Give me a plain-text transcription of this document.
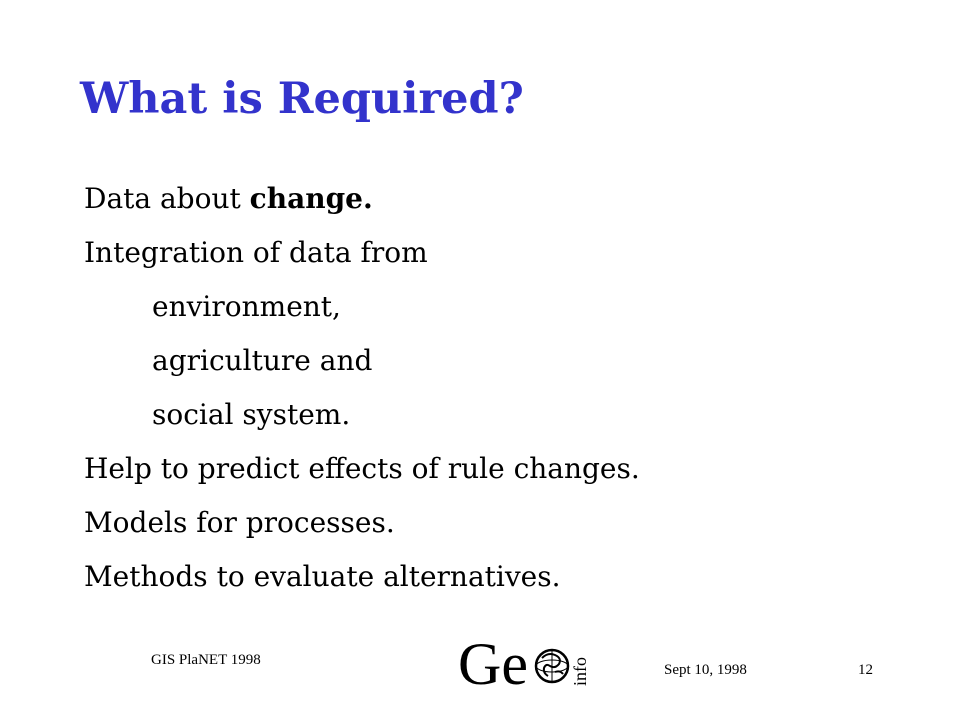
What is Required?
Data about change.
Integration of data from
environment,
agriculture and
social system.
Help to predict effects of rule changes.
Models for processes.
Methods to evaluate alternatives.
GIS PlaNET 1998	Ge info	Sept 10, 1998	12
